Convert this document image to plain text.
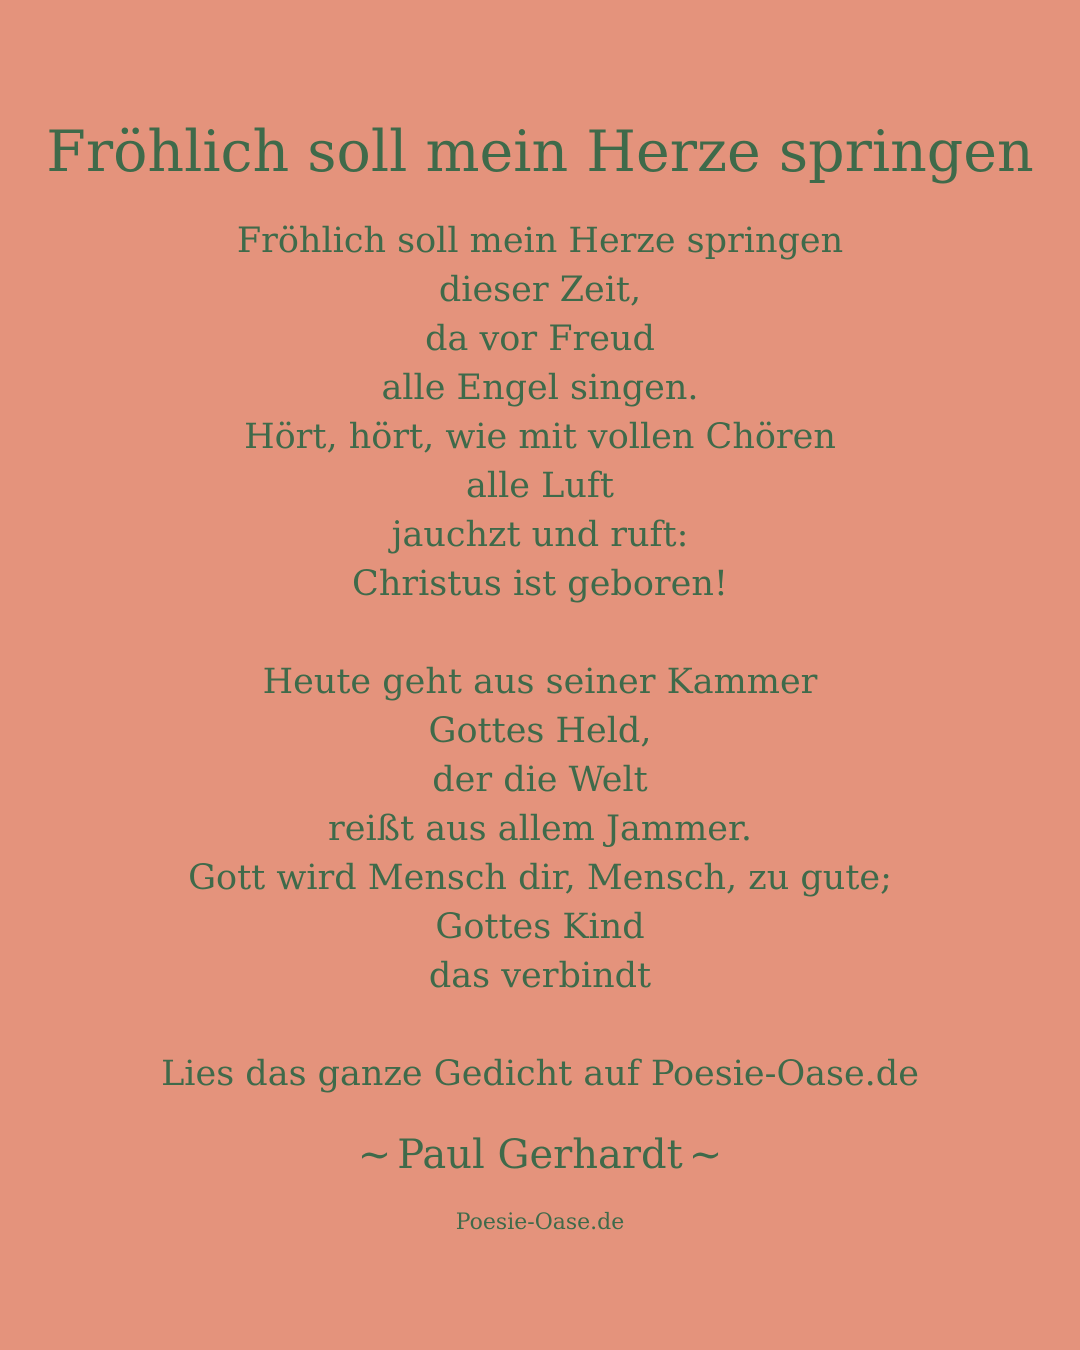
Fröhlich soll mein Herze springen
Fröhlich soll mein Herze springen
dieser Zeit,
da vor Freud
alle Engel singen.
Hört, hört, wie mit vollen Chören
alle Luft
jauchzt und ruft:
Christus ist geboren!
Heute geht aus seiner Kammer
Gottes Held,
der die Welt
reißt aus allem Jammer.
Gott wird Mensch dir, Mensch, zu gute;
Gottes Kind
das verbindt
Lies das ganze Gedicht auf Poesie-Oase.de
~ Paul Gerhardt ~
Poesie-Oase.de
